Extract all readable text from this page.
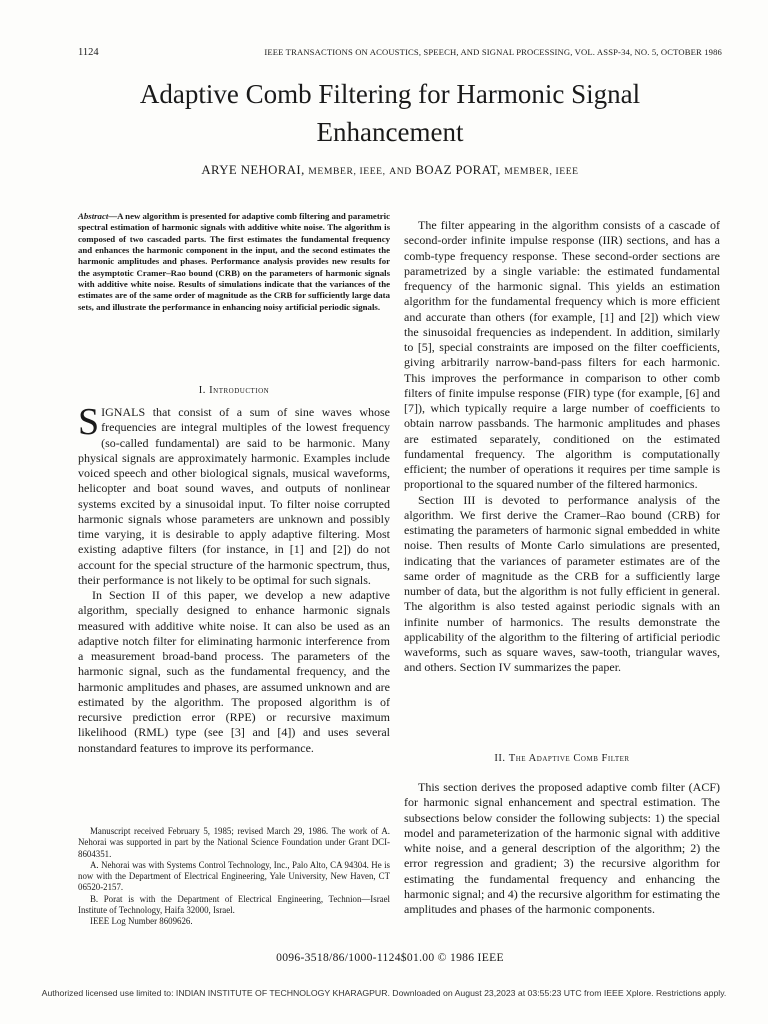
1124	IEEE TRANSACTIONS ON ACOUSTICS, SPEECH, AND SIGNAL PROCESSING, VOL. ASSP-34, NO. 5, OCTOBER 1986
Adaptive Comb Filtering for Harmonic Signal
Enhancement
ARYE NEHORAI, MEMBER, IEEE, AND BOAZ PORAT, MEMBER, IEEE
Abstract—A new algorithm is presented for adaptive comb filtering and parametric spectral estimation of harmonic signals with additive white noise. The algorithm is composed of two cascaded parts. The first estimates the fundamental frequency and enhances the harmonic component in the input, and the second estimates the harmonic amplitudes and phases. Performance analysis provides new results for the asymptotic Cramer–Rao bound (CRB) on the parameters of harmonic signals with additive white noise. Results of simulations indicate that the variances of the estimates are of the same order of magnitude as the CRB for sufficiently large data sets, and illustrate the performance in enhancing noisy artificial periodic signals.
I. Introduction

SIGNALS that consist of a sum of sine waves whose frequencies are integral multiples of the lowest frequency (so-called fundamental) are said to be harmonic. Many physical signals are approximately harmonic. Examples include voiced speech and other biological signals, musical waveforms, helicopter and boat sound waves, and outputs of nonlinear systems excited by a sinusoidal input. To filter noise corrupted harmonic signals whose parameters are unknown and possibly time varying, it is desirable to apply adaptive filtering. Most existing adaptive filters (for instance, in [1] and [2]) do not account for the special structure of the harmonic spectrum, thus, their performance is not likely to be optimal for such signals.

In Section II of this paper, we develop a new adaptive algorithm, specially designed to enhance harmonic signals measured with additive white noise. It can also be used as an adaptive notch filter for eliminating harmonic interference from a measurement broad-band process. The parameters of the harmonic signal, such as the fundamental frequency, and the harmonic amplitudes and phases, are assumed unknown and are estimated by the algorithm. The proposed algorithm is of recursive prediction error (RPE) or recursive maximum likelihood (RML) type (see [3] and [4]) and uses several nonstandard features to improve its performance.

Manuscript received February 5, 1985; revised March 29, 1986. The work of A. Nehorai was supported in part by the National Science Foundation under Grant DCI-8604351.

A. Nehorai was with Systems Control Technology, Inc., Palo Alto, CA 94304. He is now with the Department of Electrical Engineering, Yale University, New Haven, CT 06520-2157.

B. Porat is with the Department of Electrical Engineering, Technion—Israel Institute of Technology, Haifa 32000, Israel.

IEEE Log Number 8609626.

The filter appearing in the algorithm consists of a cascade of second-order infinite impulse response (IIR) sections, and has a comb-type frequency response. These second-order sections are parametrized by a single variable: the estimated fundamental frequency of the harmonic signal. This yields an estimation algorithm for the fundamental frequency which is more efficient and accurate than others (for example, [1] and [2]) which view the sinusoidal frequencies as independent. In addition, similarly to [5], special constraints are imposed on the filter coefficients, giving arbitrarily narrow-band-pass filters for each harmonic. This improves the performance in comparison to other comb filters of finite impulse response (FIR) type (for example, [6] and [7]), which typically require a large number of coefficients to obtain narrow passbands. The harmonic amplitudes and phases are estimated separately, conditioned on the estimated fundamental frequency. The algorithm is computationally efficient; the number of operations it requires per time sample is proportional to the squared number of the filtered harmonics.

Section III is devoted to performance analysis of the algorithm. We first derive the Cramer–Rao bound (CRB) for estimating the parameters of harmonic signal embedded in white noise. Then results of Monte Carlo simulations are presented, indicating that the variances of parameter estimates are of the same order of magnitude as the CRB for a sufficiently large number of data, but the algorithm is not fully efficient in general. The algorithm is also tested against periodic signals with an infinite number of harmonics. The results demonstrate the applicability of the algorithm to the filtering of artificial periodic waveforms, such as square waves, saw-tooth, triangular waves, and others. Section IV summarizes the paper.

II. The Adaptive Comb Filter

This section derives the proposed adaptive comb filter (ACF) for harmonic signal enhancement and spectral estimation. The subsections below consider the following subjects: 1) the special model and parameterization of the harmonic signal with additive white noise, and a general description of the algorithm; 2) the error regression and gradient; 3) the recursive algorithm for estimating the fundamental frequency and enhancing the harmonic signal; and 4) the recursive algorithm for estimating the amplitudes and phases of the harmonic components.

0096-3518/86/1000-1124$01.00 © 1986 IEEE
Authorized licensed use limited to: INDIAN INSTITUTE OF TECHNOLOGY KHARAGPUR. Downloaded on August 23,2023 at 03:55:23 UTC from IEEE Xplore. Restrictions apply.
